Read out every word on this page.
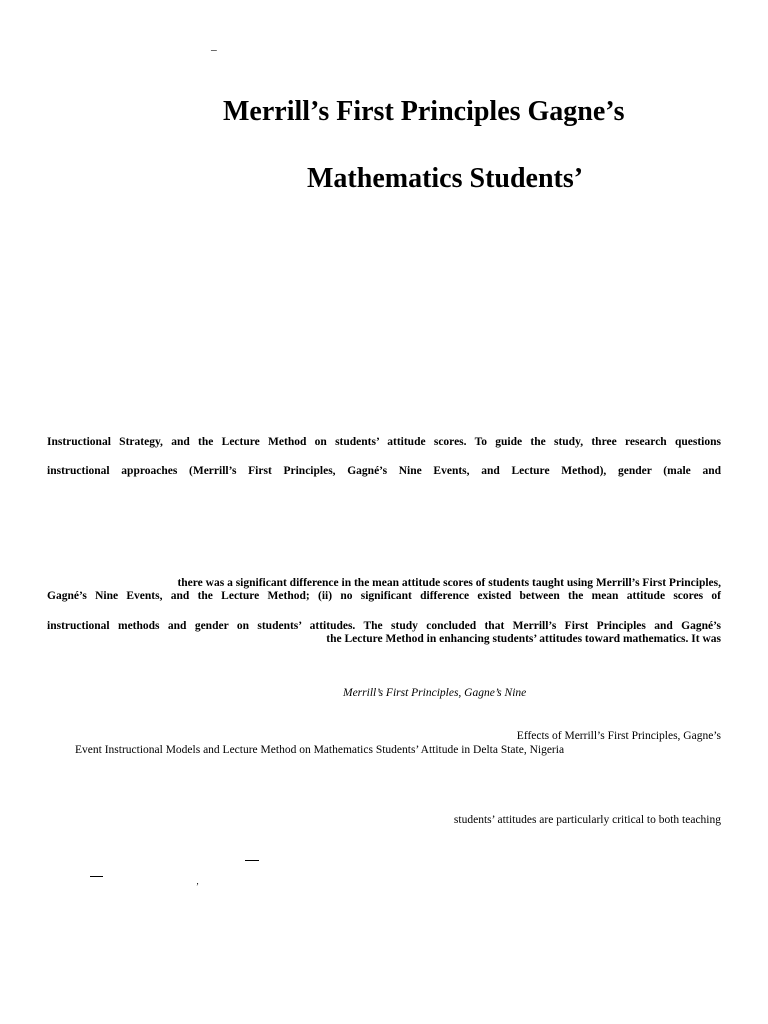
–
Merrill’s First Principles Gagne’s
Mathematics Students’
Instructional Strategy, and the Lecture Method on students’ attitude scores. To guide the study, three research questions
instructional approaches (Merrill’s First Principles, Gagné’s Nine Events, and Lecture Method), gender (male and
there was a significant difference in the mean attitude scores of students taught using Merrill’s First Principles,
Gagné’s Nine Events, and the Lecture Method; (ii) no significant difference existed between the mean attitude scores of
instructional methods and gender on students’ attitudes. The study concluded that Merrill’s First Principles and Gagné’s
the Lecture Method in enhancing students’ attitudes toward mathematics. It was
Merrill’s First Principles, Gagne’s Nine
Effects of Merrill’s First Principles, Gagne’s
Event Instructional Models and Lecture Method on Mathematics Students’ Attitude in Delta State, Nigeria
students’ attitudes are particularly critical to both teaching
‚
